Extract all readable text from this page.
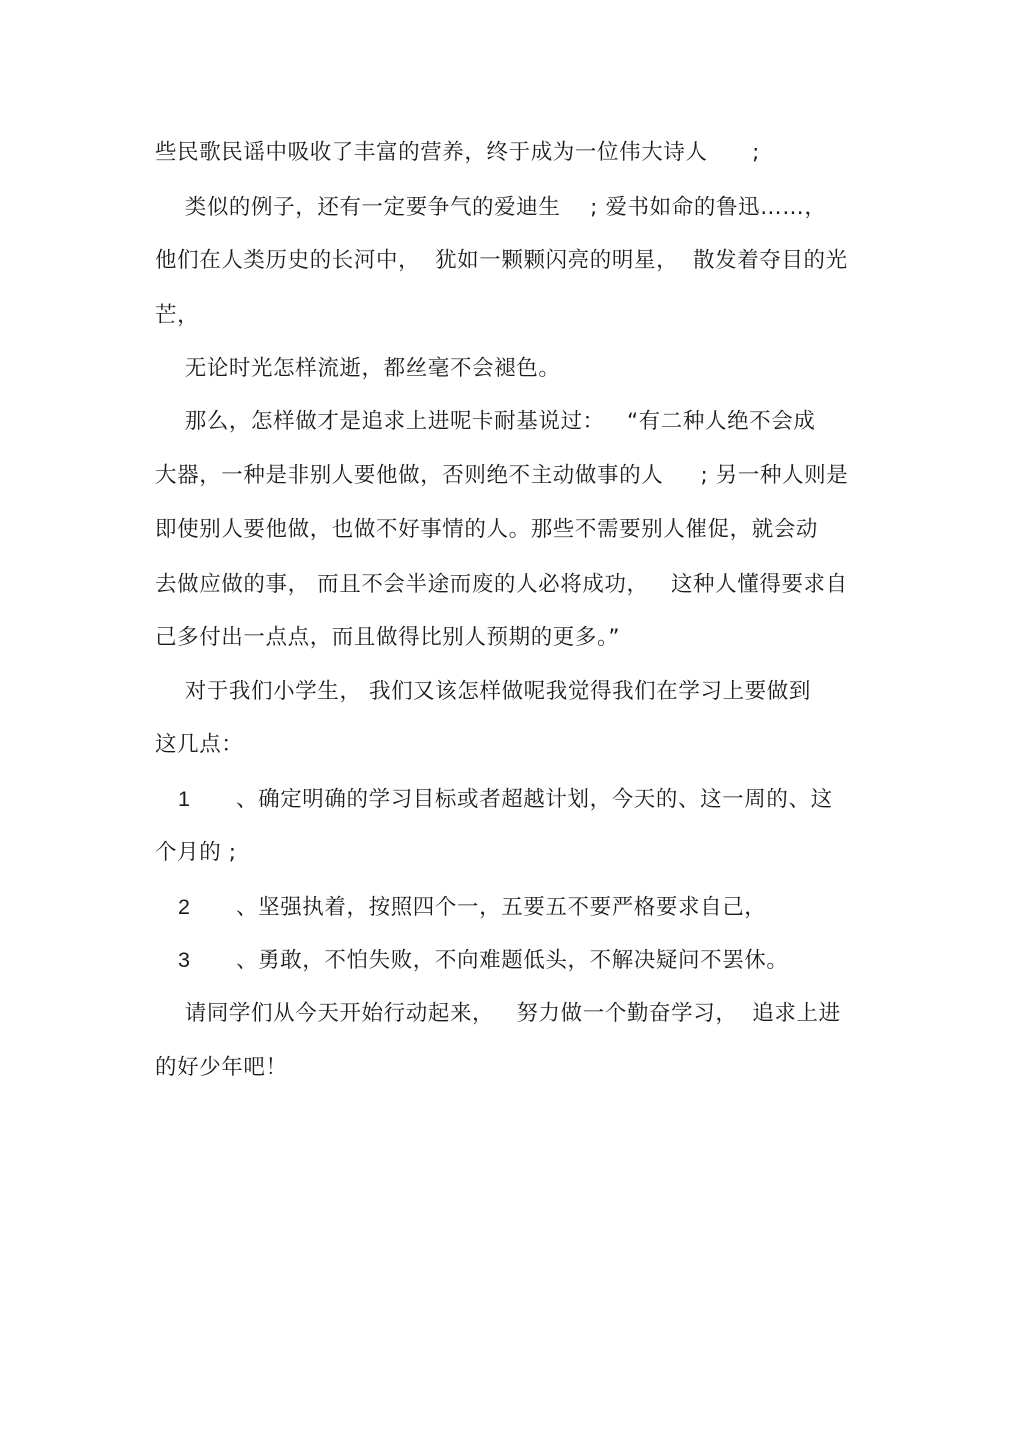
些民歌民谣中吸收了丰富的营养，终于成为一位伟大诗人      ;
类似的例子，还有一定要争气的爱迪生    ; 爱书如命的鲁迅……，
他们在人类历史的长河中，  犹如一颗颗闪亮的明星，  散发着夺目的光
芒，
无论时光怎样流逝，都丝毫不会褪色。
那么，怎样做才是追求上进呢卡耐基说过：   “有二种人绝不会成
大器，一种是非别人要他做，否则绝不主动做事的人     ; 另一种人则是
即使别人要他做，也做不好事情的人。那些不需要别人催促，就会动
去做应做的事， 而且不会半途而废的人必将成功，   这种人懂得要求自
己多付出一点点，而且做得比别人预期的更多。”
对于我们小学生， 我们又该怎样做呢我觉得我们在学习上要做到
这几点：
1 、确定明确的学习目标或者超越计划，今天的、这一周的、这
个月的 ;
2 、坚强执着，按照四个一，五要五不要严格要求自己，
3 、勇敢，不怕失败，不向难题低头，不解决疑问不罢休。
请同学们从今天开始行动起来，   努力做一个勤奋学习，  追求上进
的好少年吧！
